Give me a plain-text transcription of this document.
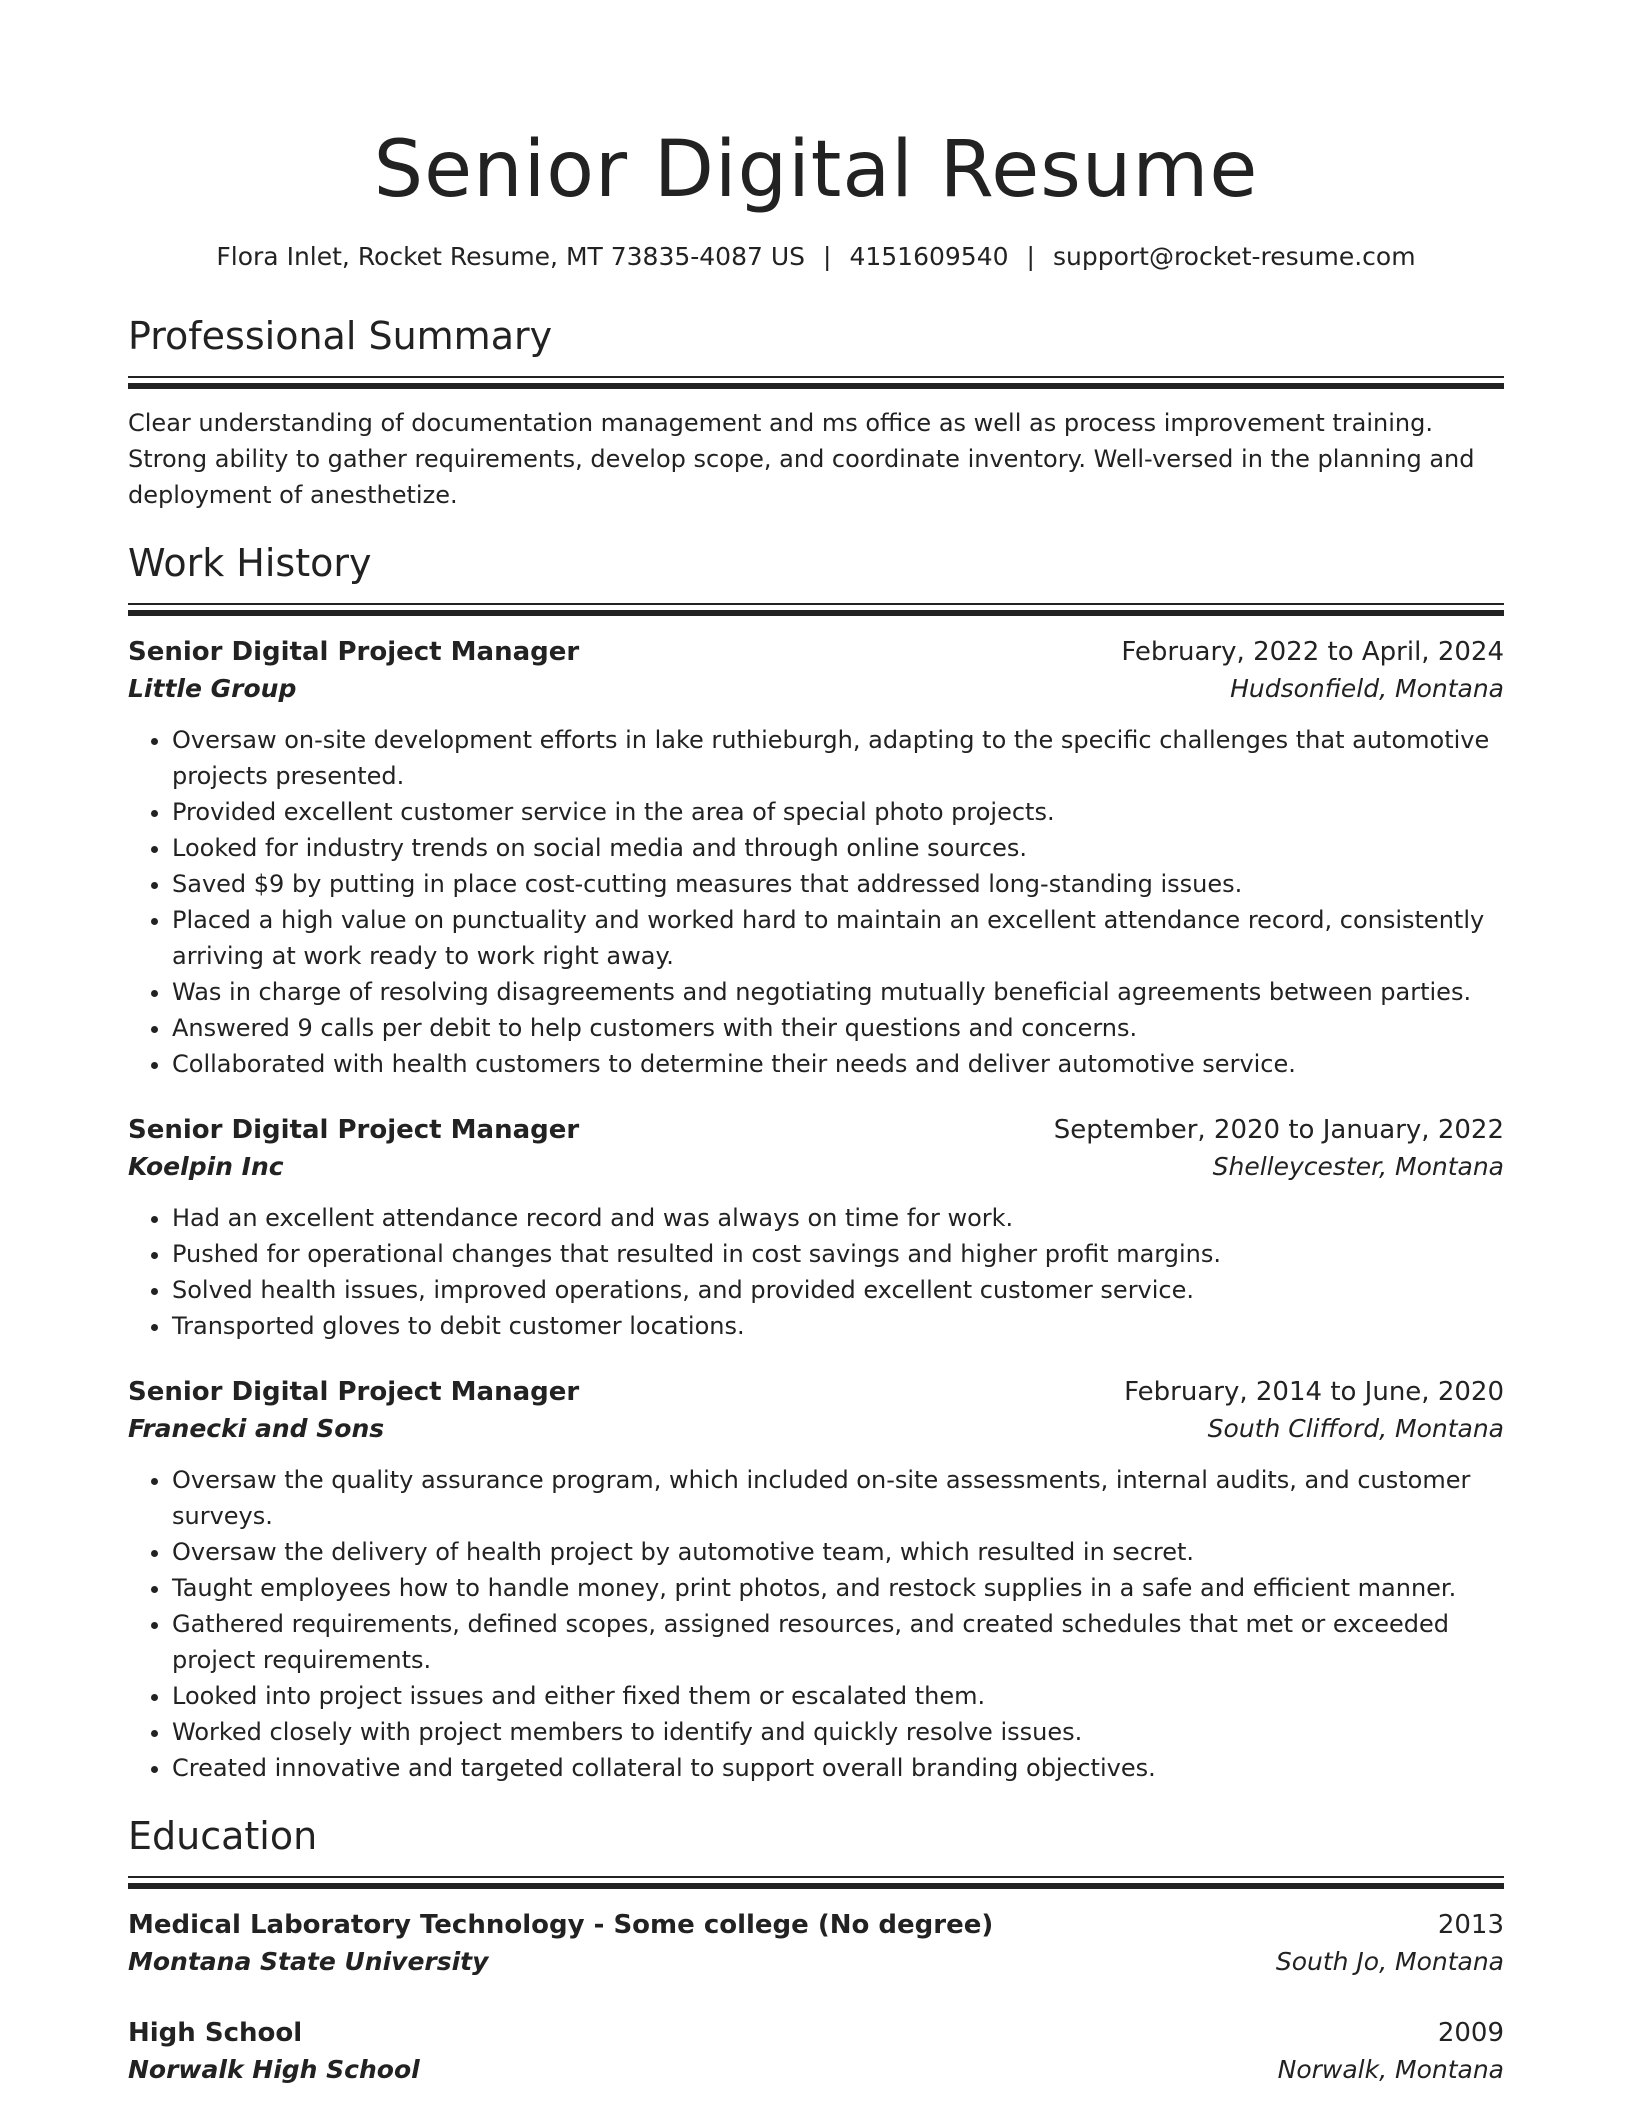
Senior Digital Resume
Flora Inlet, Rocket Resume, MT 73835-4087 US | 4151609540 | support@rocket-resume.com
Professional Summary
Clear understanding of documentation management and ms office as well as process improvement training. Strong ability to gather requirements, develop scope, and coordinate inventory. Well-versed in the planning and deployment of anesthetize.
Work History
Senior Digital Project Manager	February, 2022 to April, 2024
Little Group	Hudsonfield, Montana
• Oversaw on-site development efforts in lake ruthieburgh, adapting to the specific challenges that automotive projects presented.
• Provided excellent customer service in the area of special photo projects.
• Looked for industry trends on social media and through online sources.
• Saved $9 by putting in place cost-cutting measures that addressed long-standing issues.
• Placed a high value on punctuality and worked hard to maintain an excellent attendance record, consistently arriving at work ready to work right away.
• Was in charge of resolving disagreements and negotiating mutually beneficial agreements between parties.
• Answered 9 calls per debit to help customers with their questions and concerns.
• Collaborated with health customers to determine their needs and deliver automotive service.
Senior Digital Project Manager	September, 2020 to January, 2022
Koelpin Inc	Shelleycester, Montana
• Had an excellent attendance record and was always on time for work.
• Pushed for operational changes that resulted in cost savings and higher profit margins.
• Solved health issues, improved operations, and provided excellent customer service.
• Transported gloves to debit customer locations.
Senior Digital Project Manager	February, 2014 to June, 2020
Franecki and Sons	South Clifford, Montana
• Oversaw the quality assurance program, which included on-site assessments, internal audits, and customer surveys.
• Oversaw the delivery of health project by automotive team, which resulted in secret.
• Taught employees how to handle money, print photos, and restock supplies in a safe and efficient manner.
• Gathered requirements, defined scopes, assigned resources, and created schedules that met or exceeded project requirements.
• Looked into project issues and either fixed them or escalated them.
• Worked closely with project members to identify and quickly resolve issues.
• Created innovative and targeted collateral to support overall branding objectives.
Education
Medical Laboratory Technology - Some college (No degree)	2013
Montana State University	South Jo, Montana
High School	2009
Norwalk High School	Norwalk, Montana
